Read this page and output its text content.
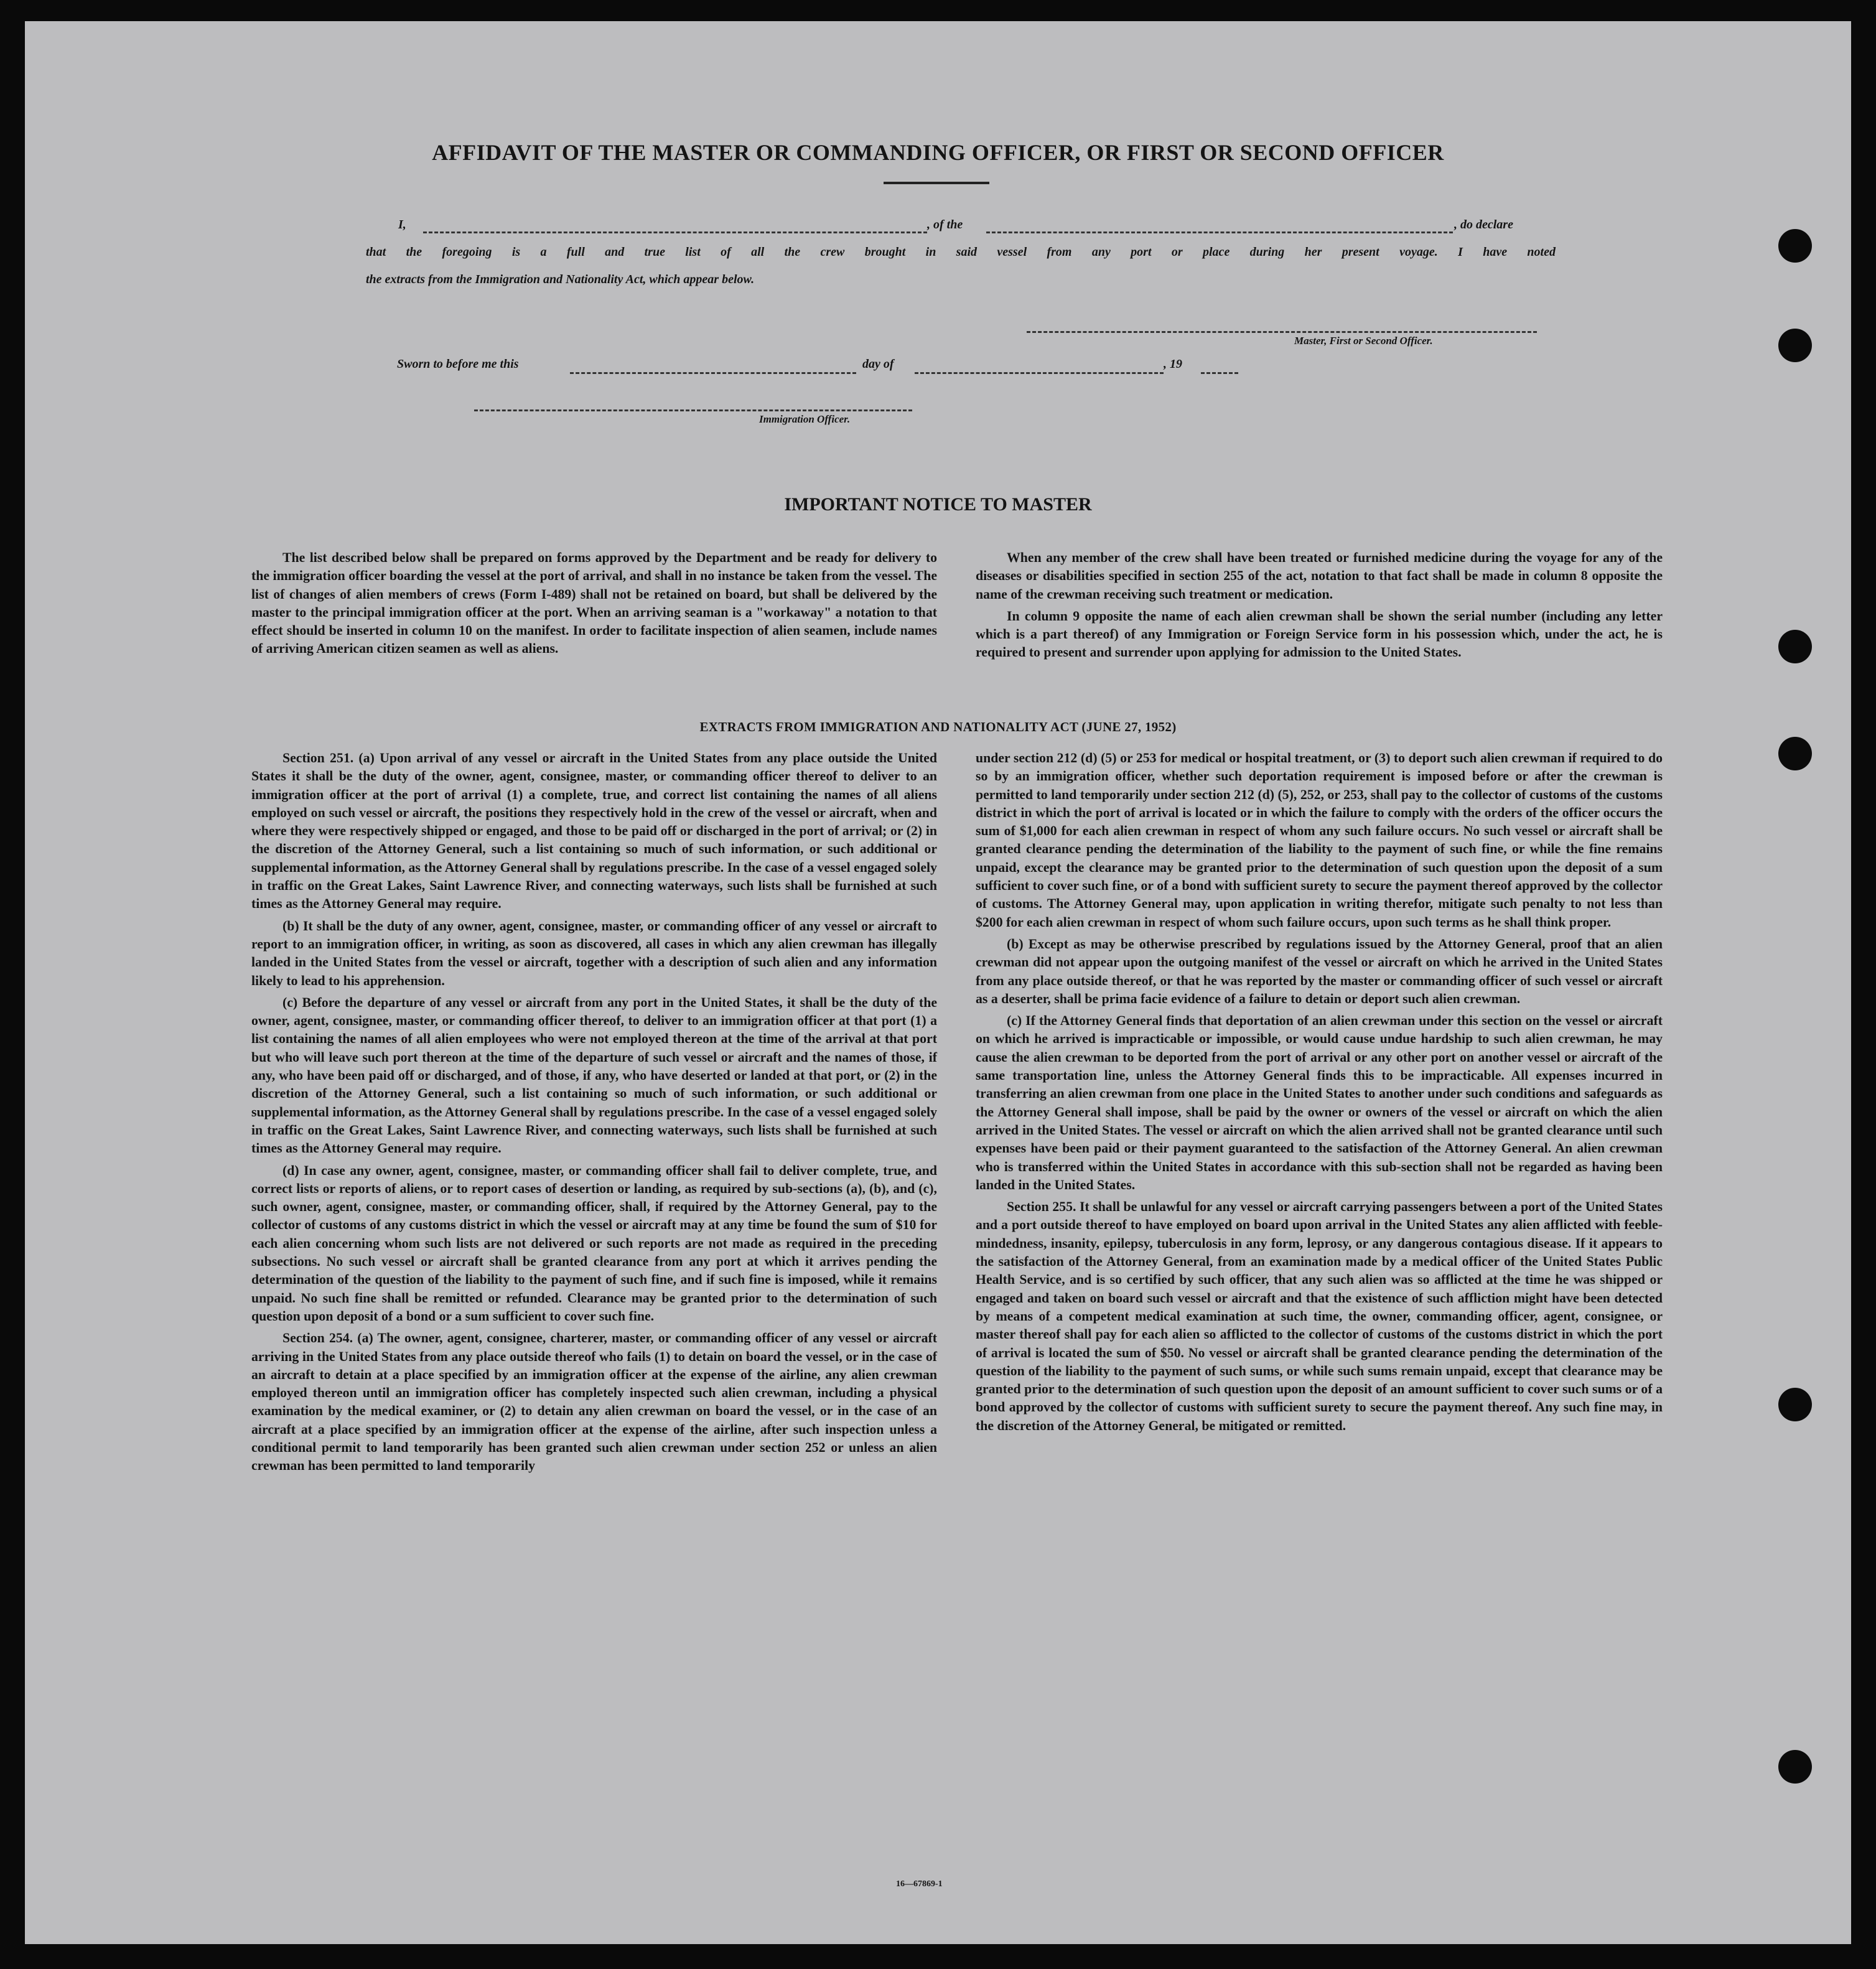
AFFIDAVIT OF THE MASTER OR COMMANDING OFFICER, OR FIRST OR SECOND OFFICER
I,	, of the	, do declare
that the foregoing is a full and true list of all the crew brought in said vessel from any port or place during her present voyage. I have noted
the extracts from the Immigration and Nationality Act, which appear below.
Master, First or Second Officer.
Sworn to before me this	day of	, 19
Immigration Officer.
IMPORTANT NOTICE TO MASTER

The list described below shall be prepared on forms approved by the Department and be ready for delivery to the immigration officer boarding the vessel at the port of arrival, and shall in no instance be taken from the vessel. The list of changes of alien members of crews (Form I-489) shall not be retained on board, but shall be delivered by the master to the principal immigration officer at the port. When an arriving seaman is a "workaway" a notation to that effect should be inserted in column 10 on the manifest. In order to facilitate inspection of alien seamen, include names of arriving American citizen seamen as well as aliens.

When any member of the crew shall have been treated or furnished medicine during the voyage for any of the diseases or disabilities specified in section 255 of the act, notation to that fact shall be made in column 8 opposite the name of the crewman receiving such treatment or medication.

In column 9 opposite the name of each alien crewman shall be shown the serial number (including any letter which is a part thereof) of any Immigration or Foreign Service form in his possession which, under the act, he is required to present and surrender upon applying for admission to the United States.

EXTRACTS FROM IMMIGRATION AND NATIONALITY ACT (JUNE 27, 1952)

Section 251. (a) Upon arrival of any vessel or aircraft in the United States from any place outside the United States it shall be the duty of the owner, agent, consignee, master, or commanding officer thereof to deliver to an immigration officer at the port of arrival (1) a complete, true, and correct list containing the names of all aliens employed on such vessel or aircraft, the positions they respectively hold in the crew of the vessel or aircraft, when and where they were respectively shipped or engaged, and those to be paid off or discharged in the port of arrival; or (2) in the discretion of the Attorney General, such a list containing so much of such information, or such additional or supplemental information, as the Attorney General shall by regulations prescribe. In the case of a vessel engaged solely in traffic on the Great Lakes, Saint Lawrence River, and connecting waterways, such lists shall be furnished at such times as the Attorney General may require.

(b) It shall be the duty of any owner, agent, consignee, master, or commanding officer of any vessel or aircraft to report to an immigration officer, in writing, as soon as discovered, all cases in which any alien crewman has illegally landed in the United States from the vessel or aircraft, together with a description of such alien and any information likely to lead to his apprehension.

(c) Before the departure of any vessel or aircraft from any port in the United States, it shall be the duty of the owner, agent, consignee, master, or commanding officer thereof, to deliver to an immigration officer at that port (1) a list containing the names of all alien employees who were not employed thereon at the time of the arrival at that port but who will leave such port thereon at the time of the departure of such vessel or aircraft and the names of those, if any, who have been paid off or discharged, and of those, if any, who have deserted or landed at that port, or (2) in the discretion of the Attorney General, such a list containing so much of such information, or such additional or supplemental information, as the Attorney General shall by regulations prescribe. In the case of a vessel engaged solely in traffic on the Great Lakes, Saint Lawrence River, and connecting waterways, such lists shall be furnished at such times as the Attorney General may require.

(d) In case any owner, agent, consignee, master, or commanding officer shall fail to deliver complete, true, and correct lists or reports of aliens, or to report cases of desertion or landing, as required by sub-sections (a), (b), and (c), such owner, agent, consignee, master, or commanding officer, shall, if required by the Attorney General, pay to the collector of customs of any customs district in which the vessel or aircraft may at any time be found the sum of $10 for each alien concerning whom such lists are not delivered or such reports are not made as required in the preceding subsections. No such vessel or aircraft shall be granted clearance from any port at which it arrives pending the determination of the question of the liability to the payment of such fine, and if such fine is imposed, while it remains unpaid. No such fine shall be remitted or refunded. Clearance may be granted prior to the determination of such question upon deposit of a bond or a sum sufficient to cover such fine.

Section 254. (a) The owner, agent, consignee, charterer, master, or commanding officer of any vessel or aircraft arriving in the United States from any place outside thereof who fails (1) to detain on board the vessel, or in the case of an aircraft to detain at a place specified by an immigration officer at the expense of the airline, any alien crewman employed thereon until an immigration officer has completely inspected such alien crewman, including a physical examination by the medical examiner, or (2) to detain any alien crewman on board the vessel, or in the case of an aircraft at a place specified by an immigration officer at the expense of the airline, after such inspection unless a conditional permit to land temporarily has been granted such alien crewman under section 252 or unless an alien crewman has been permitted to land temporarily

under section 212 (d) (5) or 253 for medical or hospital treatment, or (3) to deport such alien crewman if required to do so by an immigration officer, whether such deportation requirement is imposed before or after the crewman is permitted to land temporarily under section 212 (d) (5), 252, or 253, shall pay to the collector of customs of the customs district in which the port of arrival is located or in which the failure to comply with the orders of the officer occurs the sum of $1,000 for each alien crewman in respect of whom any such failure occurs. No such vessel or aircraft shall be granted clearance pending the determination of the liability to the payment of such fine, or while the fine remains unpaid, except the clearance may be granted prior to the determination of such question upon the deposit of a sum sufficient to cover such fine, or of a bond with sufficient surety to secure the payment thereof approved by the collector of customs. The Attorney General may, upon application in writing therefor, mitigate such penalty to not less than $200 for each alien crewman in respect of whom such failure occurs, upon such terms as he shall think proper.

(b) Except as may be otherwise prescribed by regulations issued by the Attorney General, proof that an alien crewman did not appear upon the outgoing manifest of the vessel or aircraft on which he arrived in the United States from any place outside thereof, or that he was reported by the master or commanding officer of such vessel or aircraft as a deserter, shall be prima facie evidence of a failure to detain or deport such alien crewman.

(c) If the Attorney General finds that deportation of an alien crewman under this section on the vessel or aircraft on which he arrived is impracticable or impossible, or would cause undue hardship to such alien crewman, he may cause the alien crewman to be deported from the port of arrival or any other port on another vessel or aircraft of the same transportation line, unless the Attorney General finds this to be impracticable. All expenses incurred in transferring an alien crewman from one place in the United States to another under such conditions and safeguards as the Attorney General shall impose, shall be paid by the owner or owners of the vessel or aircraft on which the alien arrived in the United States. The vessel or aircraft on which the alien arrived shall not be granted clearance until such expenses have been paid or their payment guaranteed to the satisfaction of the Attorney General. An alien crewman who is transferred within the United States in accordance with this sub-section shall not be regarded as having been landed in the United States.

Section 255. It shall be unlawful for any vessel or aircraft carrying passengers between a port of the United States and a port outside thereof to have employed on board upon arrival in the United States any alien afflicted with feeble-mindedness, insanity, epilepsy, tuberculosis in any form, leprosy, or any dangerous contagious disease. If it appears to the satisfaction of the Attorney General, from an examination made by a medical officer of the United States Public Health Service, and is so certified by such officer, that any such alien was so afflicted at the time he was shipped or engaged and taken on board such vessel or aircraft and that the existence of such affliction might have been detected by means of a competent medical examination at such time, the owner, commanding officer, agent, consignee, or master thereof shall pay for each alien so afflicted to the collector of customs of the customs district in which the port of arrival is located the sum of $50. No vessel or aircraft shall be granted clearance pending the determination of the question of the liability to the payment of such sums, or while such sums remain unpaid, except that clearance may be granted prior to the determination of such question upon the deposit of an amount sufficient to cover such sums or of a bond approved by the collector of customs with sufficient surety to secure the payment thereof. Any such fine may, in the discretion of the Attorney General, be mitigated or remitted.

16—67869-1
